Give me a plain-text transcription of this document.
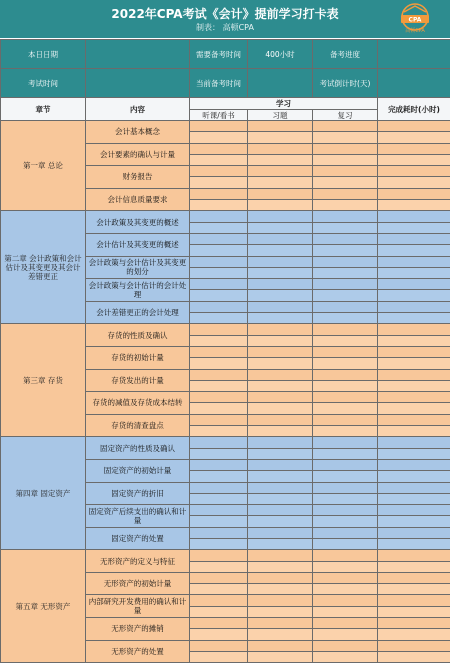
2022年CPA考试《会计》提前学习打卡表
制表： 高顿CPA
CPA
高顿CPA
本日日期		需要备考时间	400小时	备考进度	
考试时间		当前备考时间		考试倒计时(天)	
章节	内容	学习			完成耗时(小时)
		听课/看书	习题	复习	
第一章 总论	会计基本概念				

	会计要素的确认与计量				

	财务报告				

	会计信息质量要求				

第二章 会计政策和会计估计及其变更及其会计差错更正	会计政策及其变更的概述				

	会计估计及其变更的概述				

	会计政策与会计估计及其变更的划分				

	会计政策与会计估计的会计处理				

	会计差错更正的会计处理				

第三章 存货	存货的性质及确认				

	存货的初始计量				

	存货发出的计量				

	存货的减值及存货成本结转				

	存货的清查盘点				

第四章 固定资产	固定资产的性质及确认				

	固定资产的初始计量				

	固定资产的折旧				

	固定资产后续支出的确认和计量				

	固定资产的处置				

第五章 无形资产	无形资产的定义与特征				

	无形资产的初始计量				

	内部研究开发费用的确认和计量				

	无形资产的摊销				

	无形资产的处置				
